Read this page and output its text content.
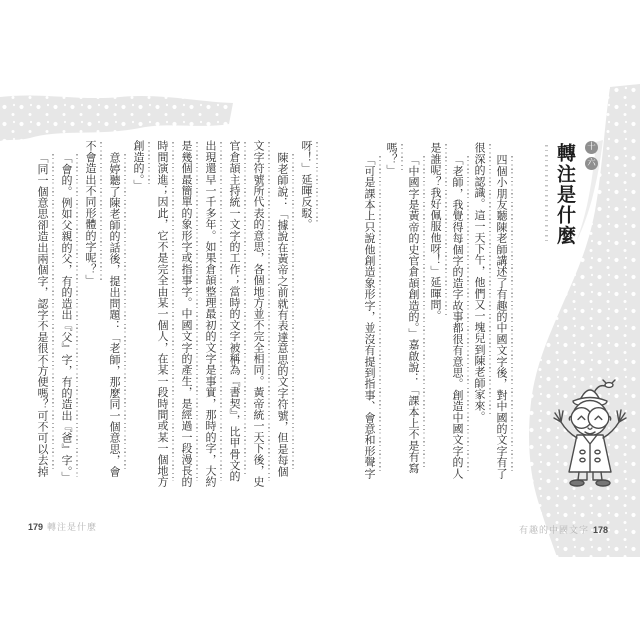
十
六
轉注是什麼
四個小朋友聽陳老師講述了有趣的中國文字後，對中國的文字有了
很深的認識。這一天下午，他們又一塊兒到陳老師家來。
「老師，我覺得每個字的造字故事都很有意思。創造中國文字的人
是誰呢？我好佩服他呀！」延暉問。
「中國字是黃帝的史官倉頡創造的。」嘉啟說：「課本上不是有寫
嗎？」
「可是課本上只說他創造象形字，並沒有提到指事、會意和形聲字
有趣的中國文字 178
呀！」延暉反駁。
陳老師說：「據說在黃帝之前就有表達意思的文字符號，但是每個
文字符號所代表的意思，各個地方並不完全相同。黃帝統一天下後，史
官倉頡主持統一文字的工作；當時的文字被稱為『書契』，比甲骨文的
出現還早一千多年。如果倉頡整理最初的文字是事實，那時的字，大約
是幾個最簡單的象形字或指事字。中國文字的產生，是經過一段漫長的
時間演進；因此，它不是完全由某一個人，在某一段時間或某一個地方
創造的。」
意婷聽了陳老師的話後，提出問題：「老師，那麼同一個意思，會
不會造出不同形體的字呢？」
「會的。例如父親的父，有的造出『父』字，有的造出『爸』字。」
「同一個意思卻造出兩個字，認字不是很不方便嗎？可不可以去掉
179 轉注是什麼
